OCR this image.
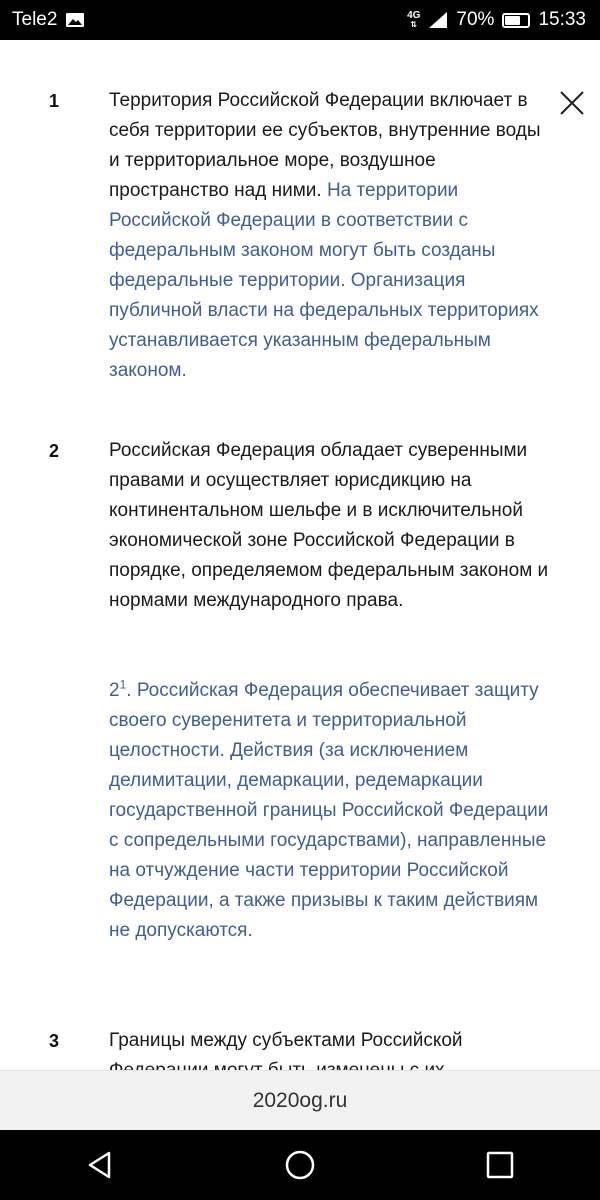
Tele2	4G
⇅ 70% 15:33
1	Территория Российской Федерации включает в себя территории ее субъектов, внутренние воды и территориальное море, воздушное пространство над ними. На территории Российской Федерации в соответствии с федеральным законом могут быть созданы федеральные территории. Организация публичной власти на федеральных территориях устанавливается указанным федеральным законом.
2	Российская Федерация обладает суверенными правами и осуществляет юрисдикцию на континентальном шельфе и в исключительной экономической зоне Российской Федерации в порядке, определяемом федеральным законом и нормами международного права.
$2^1$. Российская Федерация обеспечивает защиту своего суверенитета и территориальной целостности. Действия (за исключением делимитации, демаркации, редемаркации государственной границы Российской Федерации с сопредельными государствами), направленные на отчуждение части территории Российской Федерации, а также призывы к таким действиям не допускаются.
3	Границы между субъектами Российской
2020og.ru
